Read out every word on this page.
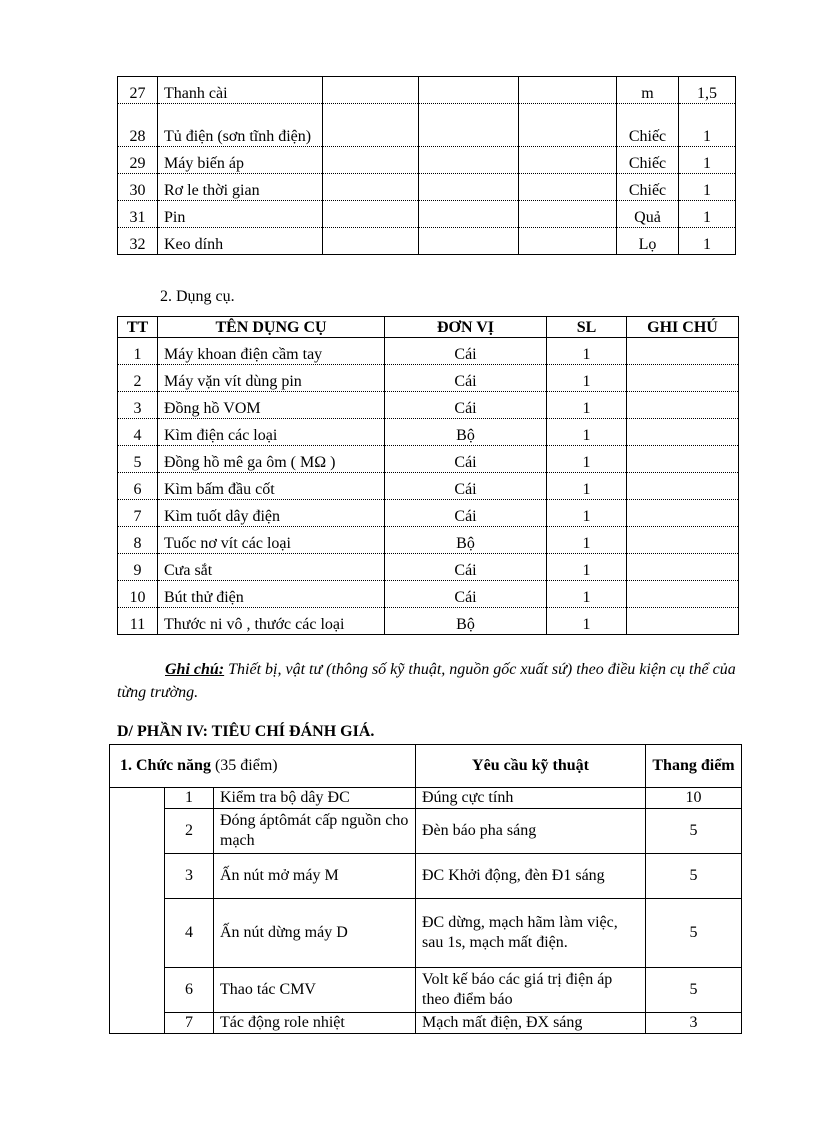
27	Thanh cài				m	1,5
28	Tủ điện (sơn tĩnh điện)				Chiếc	1
29	Máy biến áp				Chiếc	1
30	Rơ le thời gian				Chiếc	1
31	Pin				Quả	1
32	Keo dính				Lọ	1
2. Dụng cụ.
TT	TÊN DỤNG CỤ	ĐƠN VỊ	SL	GHI CHÚ
1	Máy khoan điện cầm tay	Cái	1	
2	Máy vặn vít dùng pin	Cái	1	
3	Đồng hồ VOM	Cái	1	
4	Kìm điện các loại	Bộ	1	
5	Đồng hồ mê ga ôm ( MΩ )	Cái	1	
6	Kìm bấm đầu cốt	Cái	1	
7	Kìm tuốt dây điện	Cái	1	
8	Tuốc nơ vít các loại	Bộ	1	
9	Cưa sắt	Cái	1	
10	Bút thử điện	Cái	1	
11	Thước ni vô , thước các loại	Bộ	1	
Ghi chú: Thiết bị, vật tư (thông số kỹ thuật, nguồn gốc xuất sứ) theo điều kiện cụ thể của từng trường.
D/ PHẦN IV: TIÊU CHÍ ĐÁNH GIÁ.
1. Chức năng (35 điểm)			Yêu cầu kỹ thuật	Thang điểm
	1	Kiểm tra bộ dây ĐC	Đúng cực tính	10
	2	Đóng áptômát cấp nguồn cho mạch	Đèn báo pha sáng	5
	3	Ấn nút mở máy M	ĐC Khởi động, đèn Đ1 sáng	5
	4	Ấn nút dừng máy D	ĐC dừng, mạch hãm làm việc, sau 1s, mạch mất điện.	5
	6	Thao tác CMV	Volt kế báo các giá trị điện áp theo điểm báo	5
	7	Tác động role nhiệt	Mạch mất điện, ĐX sáng	3
